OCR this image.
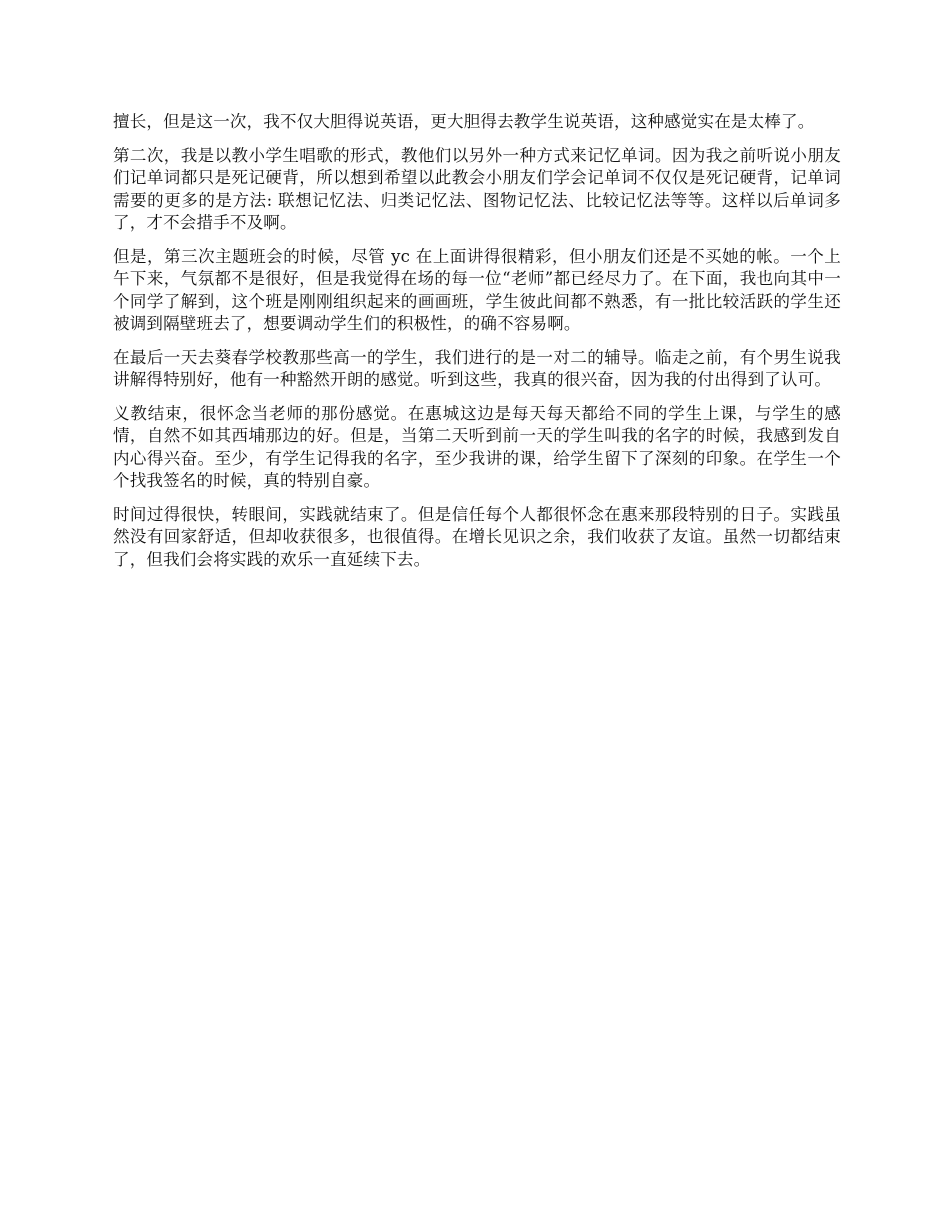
擅长，但是这一次，我不仅大胆得说英语，更大胆得去教学生说英语，这种感觉实在是太棒了。

第二次，我是以教小学生唱歌的形式，教他们以另外一种方式来记忆单词。因为我之前听说小朋友们记单词都只是死记硬背，所以想到希望以此教会小朋友们学会记单词不仅仅是死记硬背，记单词需要的更多的是方法: 联想记忆法、归类记忆法、图物记忆法、比较记忆法等等。这样以后单词多了，才不会措手不及啊。

但是，第三次主题班会的时候，尽管 yc 在上面讲得很精彩，但小朋友们还是不买她的帐。一个上午下来，气氛都不是很好，但是我觉得在场的每一位“老师”都已经尽力了。在下面，我也向其中一个同学了解到，这个班是刚刚组织起来的画画班，学生彼此间都不熟悉，有一批比较活跃的学生还被调到隔壁班去了，想要调动学生们的积极性，的确不容易啊。

在最后一天去葵春学校教那些高一的学生，我们进行的是一对二的辅导。临走之前，有个男生说我讲解得特别好，他有一种豁然开朗的感觉。听到这些，我真的很兴奋，因为我的付出得到了认可。

义教结束，很怀念当老师的那份感觉。在惠城这边是每天每天都给不同的学生上课，与学生的感情，自然不如其西埔那边的好。但是，当第二天听到前一天的学生叫我的名字的时候，我感到发自内心得兴奋。至少，有学生记得我的名字，至少我讲的课，给学生留下了深刻的印象。在学生一个个找我签名的时候，真的特别自豪。

时间过得很快，转眼间，实践就结束了。但是信任每个人都很怀念在惠来那段特别的日子。实践虽然没有回家舒适，但却收获很多，也很值得。在增长见识之余，我们收获了友谊。虽然一切都结束了，但我们会将实践的欢乐一直延续下去。
